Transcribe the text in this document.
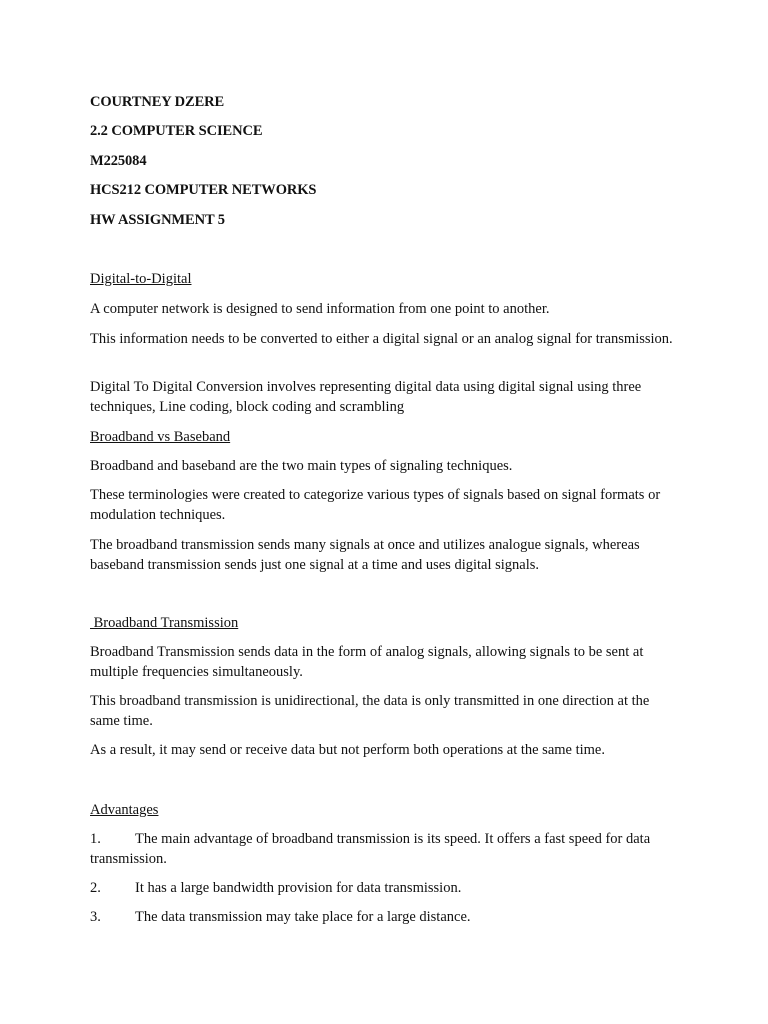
COURTNEY DZERE

2.2 COMPUTER SCIENCE

M225084

HCS212 COMPUTER NETWORKS

HW ASSIGNMENT 5

Digital-to-Digital

A computer network is designed to send information from one point to another.

This information needs to be converted to either a digital signal or an analog signal for transmission.

Digital To Digital Conversion involves representing digital data using digital signal using three techniques, Line coding, block coding and scrambling

Broadband vs Baseband

Broadband and baseband are the two main types of signaling techniques.

These terminologies were created to categorize various types of signals based on signal formats or modulation techniques.

The broadband transmission sends many signals at once and utilizes analogue signals, whereas baseband transmission sends just one signal at a time and uses digital signals.

Broadband Transmission

Broadband Transmission sends data in the form of analog signals, allowing signals to be sent at multiple frequencies simultaneously.

This broadband transmission is unidirectional, the data is only transmitted in one direction at the same time.

As a result, it may send or receive data but not perform both operations at the same time.

Advantages

1. The main advantage of broadband transmission is its speed. It offers a fast speed for data transmission.

2. It has a large bandwidth provision for data transmission.

3. The data transmission may take place for a large distance.
